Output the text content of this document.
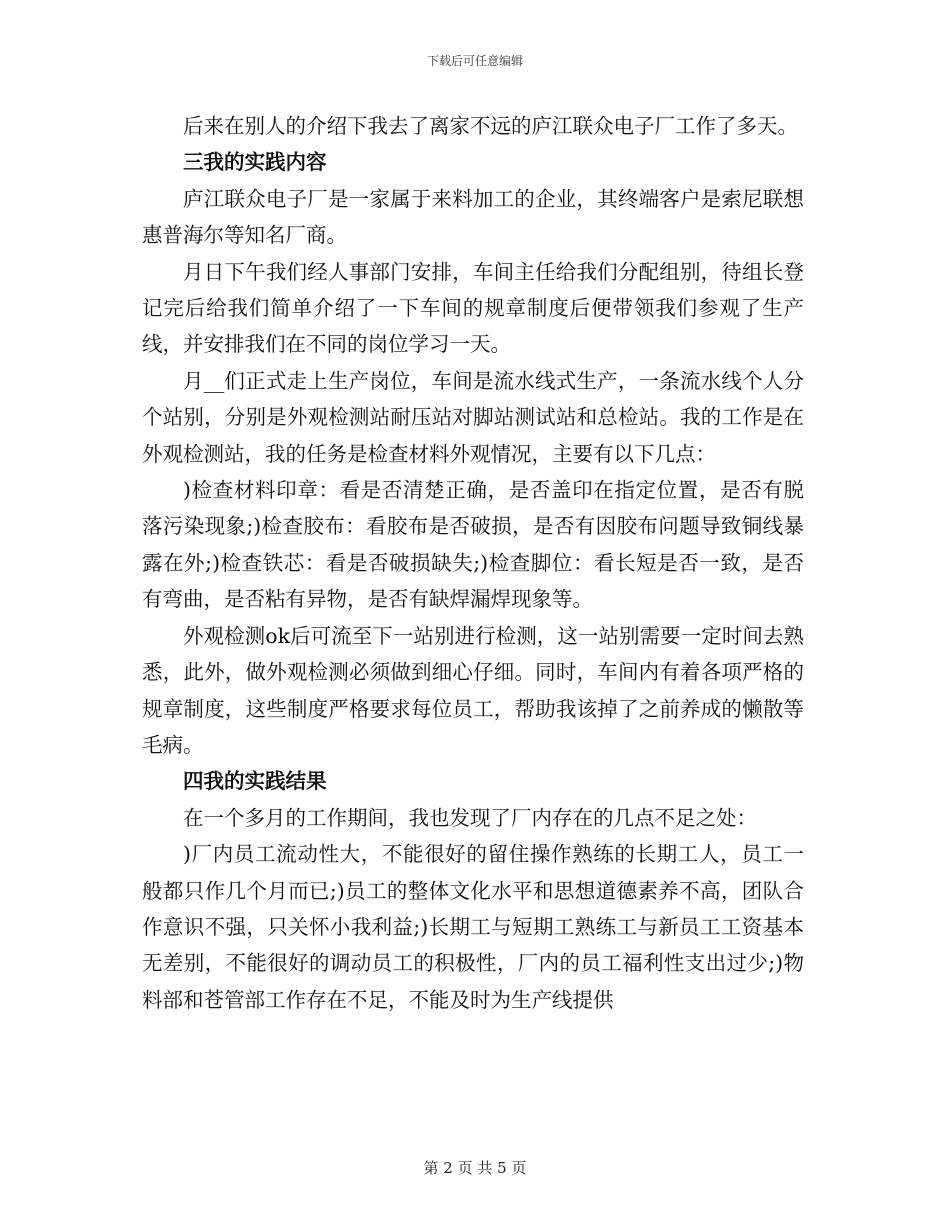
下载后可任意编辑

后来在别人的介绍下我去了离家不远的庐江联众电子厂工作了多天。

三我的实践内容

庐江联众电子厂是一家属于来料加工的企业，其终端客户是索尼联想惠普海尔等知名厂商。

月日下午我们经人事部门安排，车间主任给我们分配组别，待组长登记完后给我们简单介绍了一下车间的规章制度后便带领我们参观了生产线，并安排我们在不同的岗位学习一天。

月__们正式走上生产岗位，车间是流水线式生产，一条流水线个人分个站别，分别是外观检测站耐压站对脚站测试站和总检站。我的工作是在外观检测站，我的任务是检查材料外观情况，主要有以下几点：

)检查材料印章：看是否清楚正确，是否盖印在指定位置，是否有脱落污染现象;)检查胶布：看胶布是否破损，是否有因胶布问题导致铜线暴露在外;)检查铁芯：看是否破损缺失;)检查脚位：看长短是否一致，是否有弯曲，是否粘有异物，是否有缺焊漏焊现象等。

外观检测ok后可流至下一站别进行检测，这一站别需要一定时间去熟悉，此外，做外观检测必须做到细心仔细。同时，车间内有着各项严格的规章制度，这些制度严格要求每位员工，帮助我该掉了之前养成的懒散等毛病。

四我的实践结果

在一个多月的工作期间，我也发现了厂内存在的几点不足之处：

)厂内员工流动性大，不能很好的留住操作熟练的长期工人，员工一般都只作几个月而已;)员工的整体文化水平和思想道德素养不高，团队合作意识不强，只关怀小我利益;)长期工与短期工熟练工与新员工工资基本无差别，不能很好的调动员工的积极性，厂内的员工福利性支出过少;)物料部和苍管部工作存在不足，不能及时为生产线提供

第 2 页 共 5 页
